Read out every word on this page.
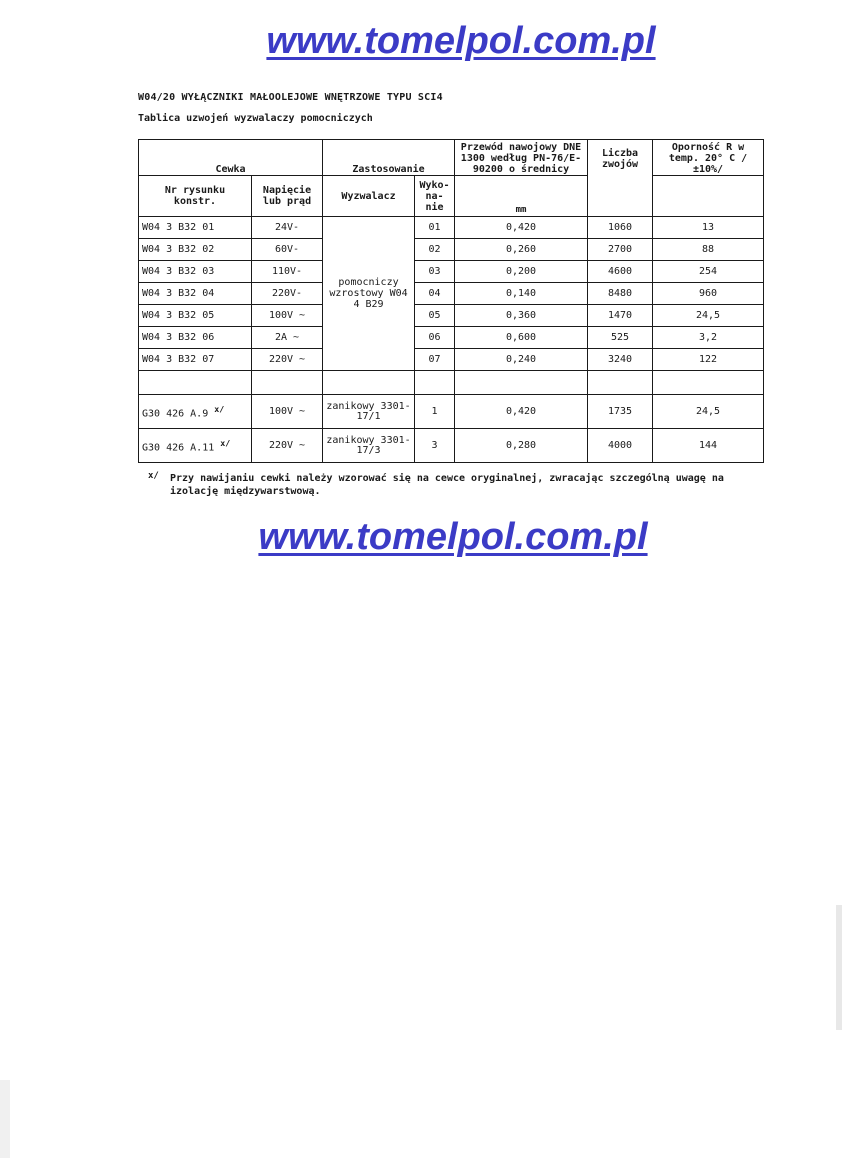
www.tomelpol.com.pl
W04/20 WYŁĄCZNIKI MAŁOOLEJOWE WNĘTRZOWE TYPU SCI4
Tablica uzwojeń wyzwalaczy pomocniczych
Cewka		Zastosowanie		Przewód nawojowy DNE 1300 według PN-76/E-90200 o średnicy	Liczba zwojów	Oporność R w temp. 20° C /±10%/
Nr rysunku konstr.	Napięcie lub prąd	Wyzwalacz	Wyko- na- nie	mm		

W04 3 B32 01	24V-	pomocniczy wzrostowy W04 4 B29	01	0,420	1060	13
W04 3 B32 02	60V-		02	0,260	2700	88
W04 3 B32 03	110V-		03	0,200	4600	254
W04 3 B32 04	220V-		04	0,140	8480	960
W04 3 B32 05	100V ~		05	0,360	1470	24,5
W04 3 B32 06	2A ~		06	0,600	525	3,2
W04 3 B32 07	220V ~		07	0,240	3240	122

G30 426 A.9 $^{x/}$	100V ~	zanikowy 3301-17/1	1	0,420	1735	24,5
G30 426 A.11 $^{x/}$	220V ~	zanikowy 3301-17/3	3	0,280	4000	144
x/ Przy nawijaniu cewki należy wzorować się na cewce oryginalnej, zwracając szczególną uwagę na izolację międzywarstwową.
www.tomelpol.com.pl
